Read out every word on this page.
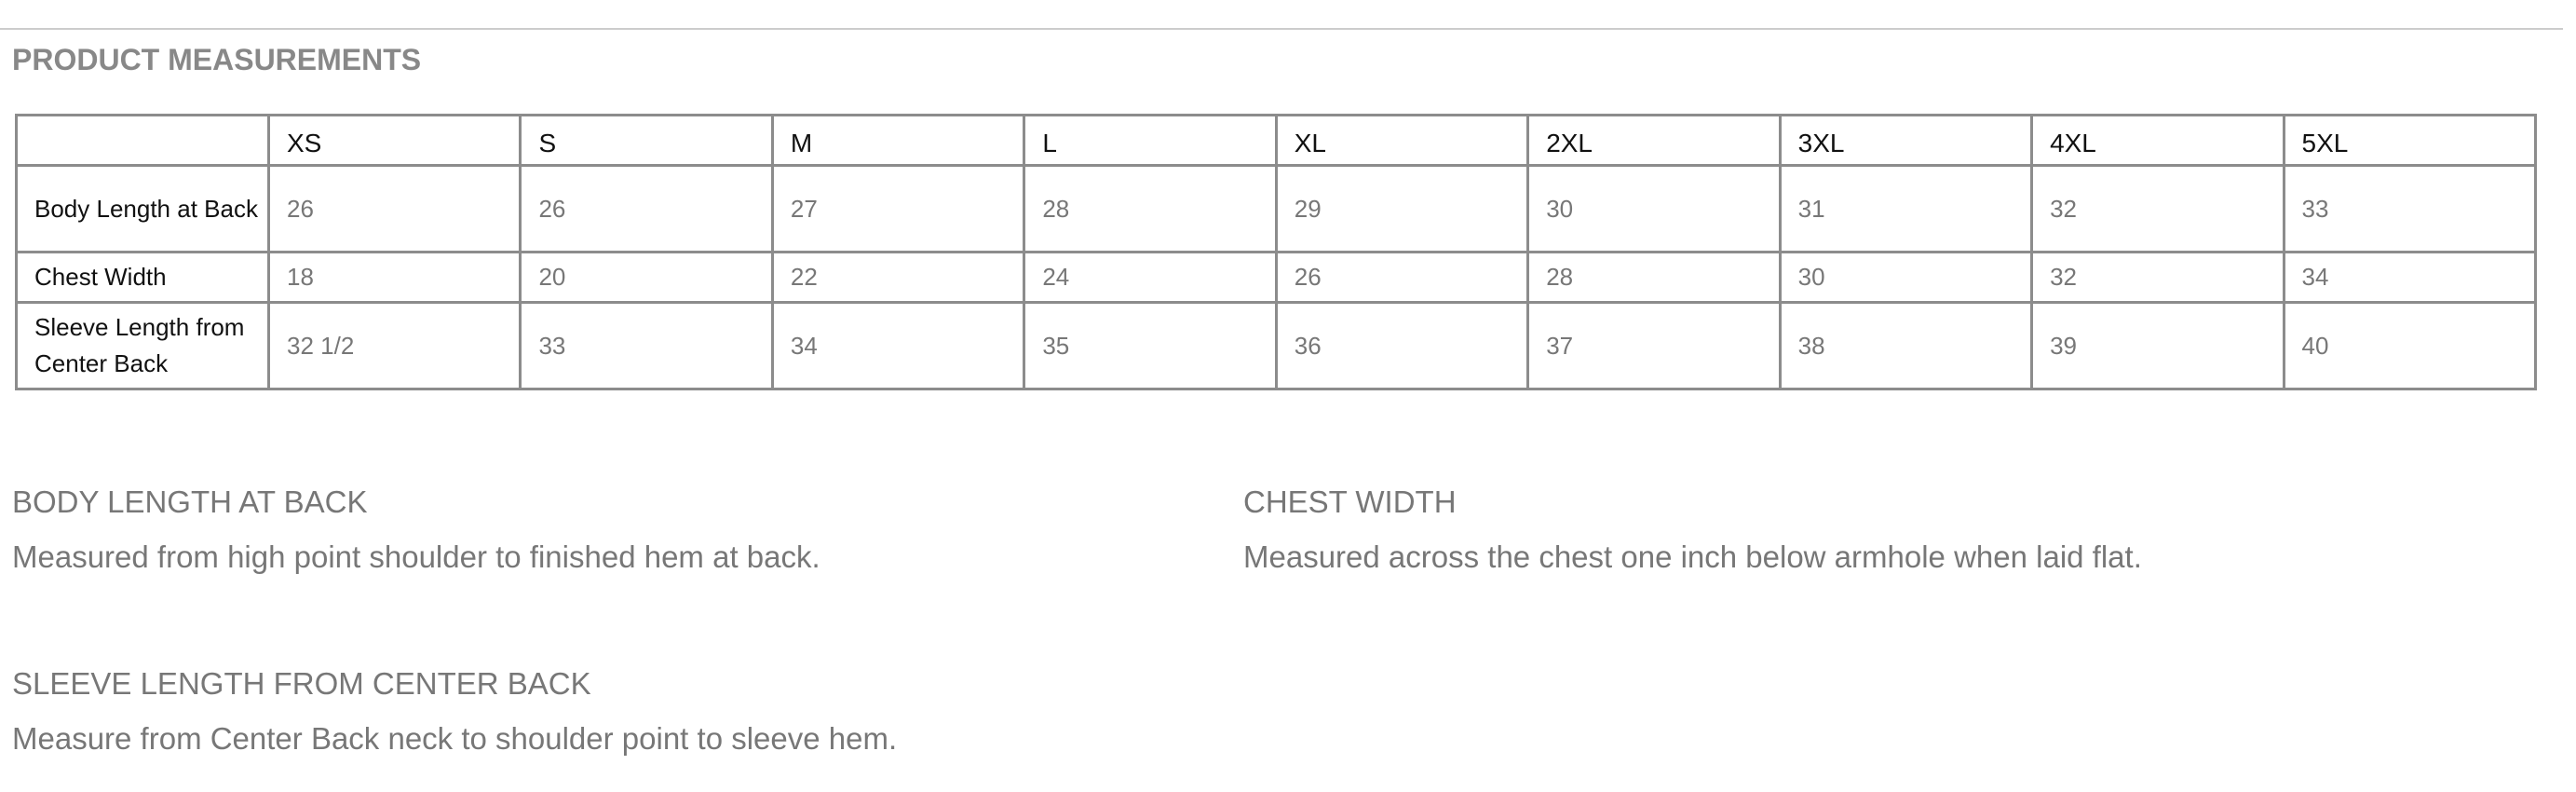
PRODUCT MEASUREMENTS
	XS	S	M	L	XL	2XL	3XL	4XL	5XL
Body Length at Back	26	26	27	28	29	30	31	32	33
Chest Width	18	20	22	24	26	28	30	32	34
Sleeve Length from Center Back	32 1/2	33	34	35	36	37	38	39	40
BODY LENGTH AT BACK

Measured from high point shoulder to finished hem at back.

CHEST WIDTH

Measured across the chest one inch below armhole when laid flat.

SLEEVE LENGTH FROM CENTER BACK

Measure from Center Back neck to shoulder point to sleeve hem.
